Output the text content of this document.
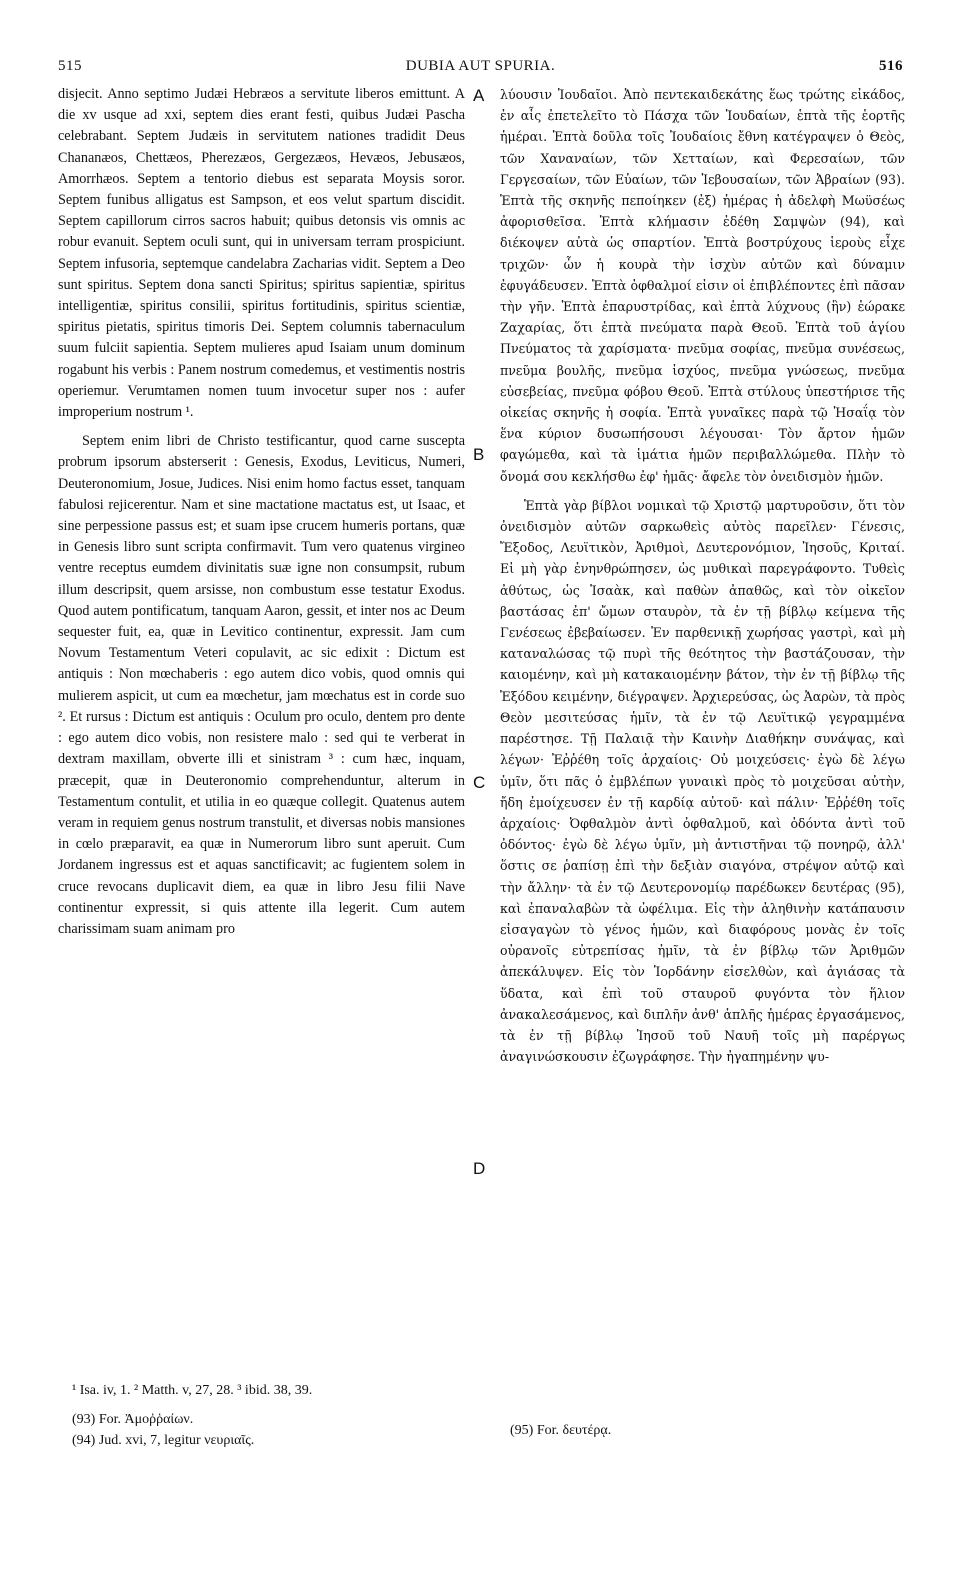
515	DUBIA AUT SPURIA.	516

disjecit. Anno septimo Judæi Hebræos a servitute liberos emittunt. A die xv usque ad xxi, septem dies erant festi, quibus Judæi Pascha celebrabant. Septem Judæis in servitutem nationes tradidit Deus Chananæos, Chettæos, Pherezæos, Gergezæos, Hevæos, Jebusæos, Amorrhæos. Septem a tentorio diebus est separata Moysis soror. Septem funibus alligatus est Sampson, et eos velut spartum discidit. Septem capillorum cirros sacros habuit; quibus detonsis vis omnis ac robur evanuit. Septem oculi sunt, qui in universam terram prospiciunt. Septem infusoria, septemque candelabra Zacharias vidit. Septem a Deo sunt spiritus. Septem dona sancti Spiritus; spiritus sapientiæ, spiritus intelligentiæ, spiritus consilii, spiritus fortitudinis, spiritus scientiæ, spiritus pietatis, spiritus timoris Dei. Septem columnis tabernaculum suum fulciit sapientia. Septem mulieres apud Isaiam unum dominum rogabunt his verbis : Panem nostrum comedemus, et vestimentis nostris operiemur. Verumtamen nomen tuum invocetur super nos : aufer improperium nostrum ¹.

Septem enim libri de Christo testificantur, quod carne suscepta probrum ipsorum absterserit : Genesis, Exodus, Leviticus, Numeri, Deuteronomium, Josue, Judices. Nisi enim homo factus esset, tanquam fabulosi rejicerentur. Nam et sine mactatione mactatus est, ut Isaac, et sine perpessione passus est; et suam ipse crucem humeris portans, quæ in Genesis libro sunt scripta confirmavit. Tum vero quatenus virgineo ventre receptus eumdem divinitatis suæ igne non consumpsit, rubum illum descripsit, quem arsisse, non combustum esse testatur Exodus. Quod autem pontificatum, tanquam Aaron, gessit, et inter nos ac Deum sequester fuit, ea, quæ in Levitico continentur, expressit. Jam cum Novum Testamentum Veteri copulavit, ac sic edixit : Dictum est antiquis : Non mœchaberis : ego autem dico vobis, quod omnis qui mulierem aspicit, ut cum ea mœchetur, jam mœchatus est in corde suo ². Et rursus : Dictum est antiquis : Oculum pro oculo, dentem pro dente : ego autem dico vobis, non resistere malo : sed qui te verberat in dextram maxillam, obverte illi et sinistram ³ : cum hæc, inquam, præcepit, quæ in Deuteronomio comprehenduntur, alterum in Testamentum contulit, et utilia in eo quæque collegit. Quatenus autem veram in requiem genus nostrum transtulit, et diversas nobis mansiones in cœlo præparavit, ea quæ in Numerorum libro sunt aperuit. Cum Jordanem ingressus est et aquas sanctificavit; ac fugientem solem in cruce revocans duplicavit diem, ea quæ in libro Jesu filii Nave continentur expressit, si quis attente illa legerit. Cum autem charissimam suam animam pro

λύουσιν Ἰουδαῖοι. Ἀπὸ πεντεκαιδεκάτης ἕως τρώτης εἰκάδος, ἐν αἷς ἐπετελεῖτο τὸ Πάσχα τῶν Ἰουδαίων, ἑπτὰ τῆς ἑορτῆς ἡμέραι. Ἑπτὰ δοῦλα τοῖς Ἰουδαίοις ἔθνη κατέγραψεν ὁ Θεὸς, τῶν Χαναναίων, τῶν Χετταίων, καὶ Φερεσαίων, τῶν Γεργεσαίων, τῶν Εὐαίων, τῶν Ἰεβουσαίων, τῶν Ἀβραίων (93). Ἑπτὰ τῆς σκηνῆς πεποίηκεν (ἐξ) ἡμέρας ἡ ἀδελφὴ Μωϋσέως ἀφορισθεῖσα. Ἑπτὰ κλήμασιν ἐδέθη Σαμψὼν (94), καὶ διέκοψεν αὐτὰ ὡς σπαρτίον. Ἑπτὰ βοστρύχους ἱεροὺς εἶχε τριχῶν· ὧν ἡ κουρὰ τὴν ἰσχὺν αὐτῶν καὶ δύναμιν ἐφυγάδευσεν. Ἑπτὰ ὀφθαλμοί εἰσιν οἱ ἐπιβλέποντες ἐπὶ πᾶσαν τὴν γῆν. Ἑπτὰ ἐπαρυστρίδας, καὶ ἑπτὰ λύχνους (ἣν) ἑώρακε Ζαχαρίας, ὅτι ἑπτὰ πνεύματα παρὰ Θεοῦ. Ἑπτὰ τοῦ ἁγίου Πνεύματος τὰ χαρίσματα· πνεῦμα σοφίας, πνεῦμα συνέσεως, πνεῦμα βουλῆς, πνεῦμα ἰσχύος, πνεῦμα γνώσεως, πνεῦμα εὐσεβείας, πνεῦμα φόβου Θεοῦ. Ἑπτὰ στύλους ὑπεστήρισε τῆς οἰκείας σκηνῆς ἡ σοφία. Ἑπτὰ γυναῖκες παρὰ τῷ Ἠσαΐᾳ τὸν ἕνα κύριον δυσωπήσουσι λέγουσαι· Τὸν ἄρτον ἡμῶν φαγώμεθα, καὶ τὰ ἱμάτια ἡμῶν περιβαλλώμεθα. Πλὴν τὸ ὄνομά σου κεκλήσθω ἐφ' ἡμᾶς· ἄφελε τὸν ὀνειδισμὸν ἡμῶν.

Ἑπτὰ γὰρ βίβλοι νομικαὶ τῷ Χριστῷ μαρτυροῦσιν, ὅτι τὸν ὀνειδισμὸν αὐτῶν σαρκωθεὶς αὐτὸς παρεῖλεν· Γένεσις, Ἔξοδος, Λευϊτικὸν, Ἀριθμοὶ, Δευτερονόμιον, Ἰησοῦς, Κριταί. Εἰ μὴ γὰρ ἐνηνθρώπησεν, ὡς μυθικαὶ παρεγράφοντο. Τυθεὶς ἀθύτως, ὡς Ἰσαὰκ, καὶ παθὼν ἀπαθῶς, καὶ τὸν οἰκεῖον βαστάσας ἐπ' ὤμων σταυρὸν, τὰ ἐν τῇ βίβλῳ κείμενα τῆς Γενέσεως ἐβεβαίωσεν. Ἐν παρθενικῇ χωρήσας γαστρὶ, καὶ μὴ καταναλώσας τῷ πυρὶ τῆς θεότητος τὴν βαστάζουσαν, τὴν καιομένην, καὶ μὴ κατακαιομένην βάτον, τὴν ἐν τῇ βίβλῳ τῆς Ἐξόδου κειμένην, διέγραψεν. Ἀρχιερεύσας, ὡς Ἀαρὼν, τὰ πρὸς Θεὸν μεσιτεύσας ἡμῖν, τὰ ἐν τῷ Λευϊτικῷ γεγραμμένα παρέστησε. Τῇ Παλαιᾷ τὴν Καινὴν Διαθήκην συνάψας, καὶ λέγων· Ἐῤῥέθη τοῖς ἀρχαίοις· Οὐ μοιχεύσεις· ἐγὼ δὲ λέγω ὑμῖν, ὅτι πᾶς ὁ ἐμβλέπων γυναικὶ πρὸς τὸ μοιχεῦσαι αὐτὴν, ἤδη ἐμοίχευσεν ἐν τῇ καρδίᾳ αὐτοῦ· καὶ πάλιν· Ἐῤῥέθη τοῖς ἀρχαίοις· Ὀφθαλμὸν ἀντὶ ὀφθαλμοῦ, καὶ ὀδόντα ἀντὶ τοῦ ὀδόντος· ἐγὼ δὲ λέγω ὑμῖν, μὴ ἀντιστῆναι τῷ πονηρῷ, ἀλλ' ὅστις σε ῥαπίσῃ ἐπὶ τὴν δεξιὰν σιαγόνα, στρέψον αὐτῷ καὶ τὴν ἄλλην· τὰ ἐν τῷ Δευτερονομίῳ παρέδωκεν δευτέρας (95), καὶ ἐπαναλαβὼν τὰ ὠφέλιμα. Εἰς τὴν ἀληθινὴν κατάπαυσιν εἰσαγαγὼν τὸ γένος ἡμῶν, καὶ διαφόρους μονὰς ἐν τοῖς οὐρανοῖς εὐτρεπίσας ἡμῖν, τὰ ἐν βίβλῳ τῶν Ἀριθμῶν ἀπεκάλυψεν. Εἰς τὸν Ἰορδάνην εἰσελθὼν, καὶ ἁγιάσας τὰ ὕδατα, καὶ ἐπὶ τοῦ σταυροῦ φυγόντα τὸν ἥλιον ἀνακαλεσάμενος, καὶ διπλῆν ἀνθ' ἁπλῆς ἡμέρας ἐργασάμενος, τὰ ἐν τῇ βίβλῳ Ἰησοῦ τοῦ Ναυῆ τοῖς μὴ παρέργως ἀναγινώσκουσιν ἐζωγράφησε. Τὴν ἠγαπημένην ψυ-

A
B
C
D
¹ Isa. iv, 1. ² Matth. v, 27, 28. ³ ibid. 38, 39.
(93) For. Ἀμοῤῥαίων.
(94) Jud. xvi, 7, legitur νευριαῖς.
(95) For. δευτέρᾳ.
